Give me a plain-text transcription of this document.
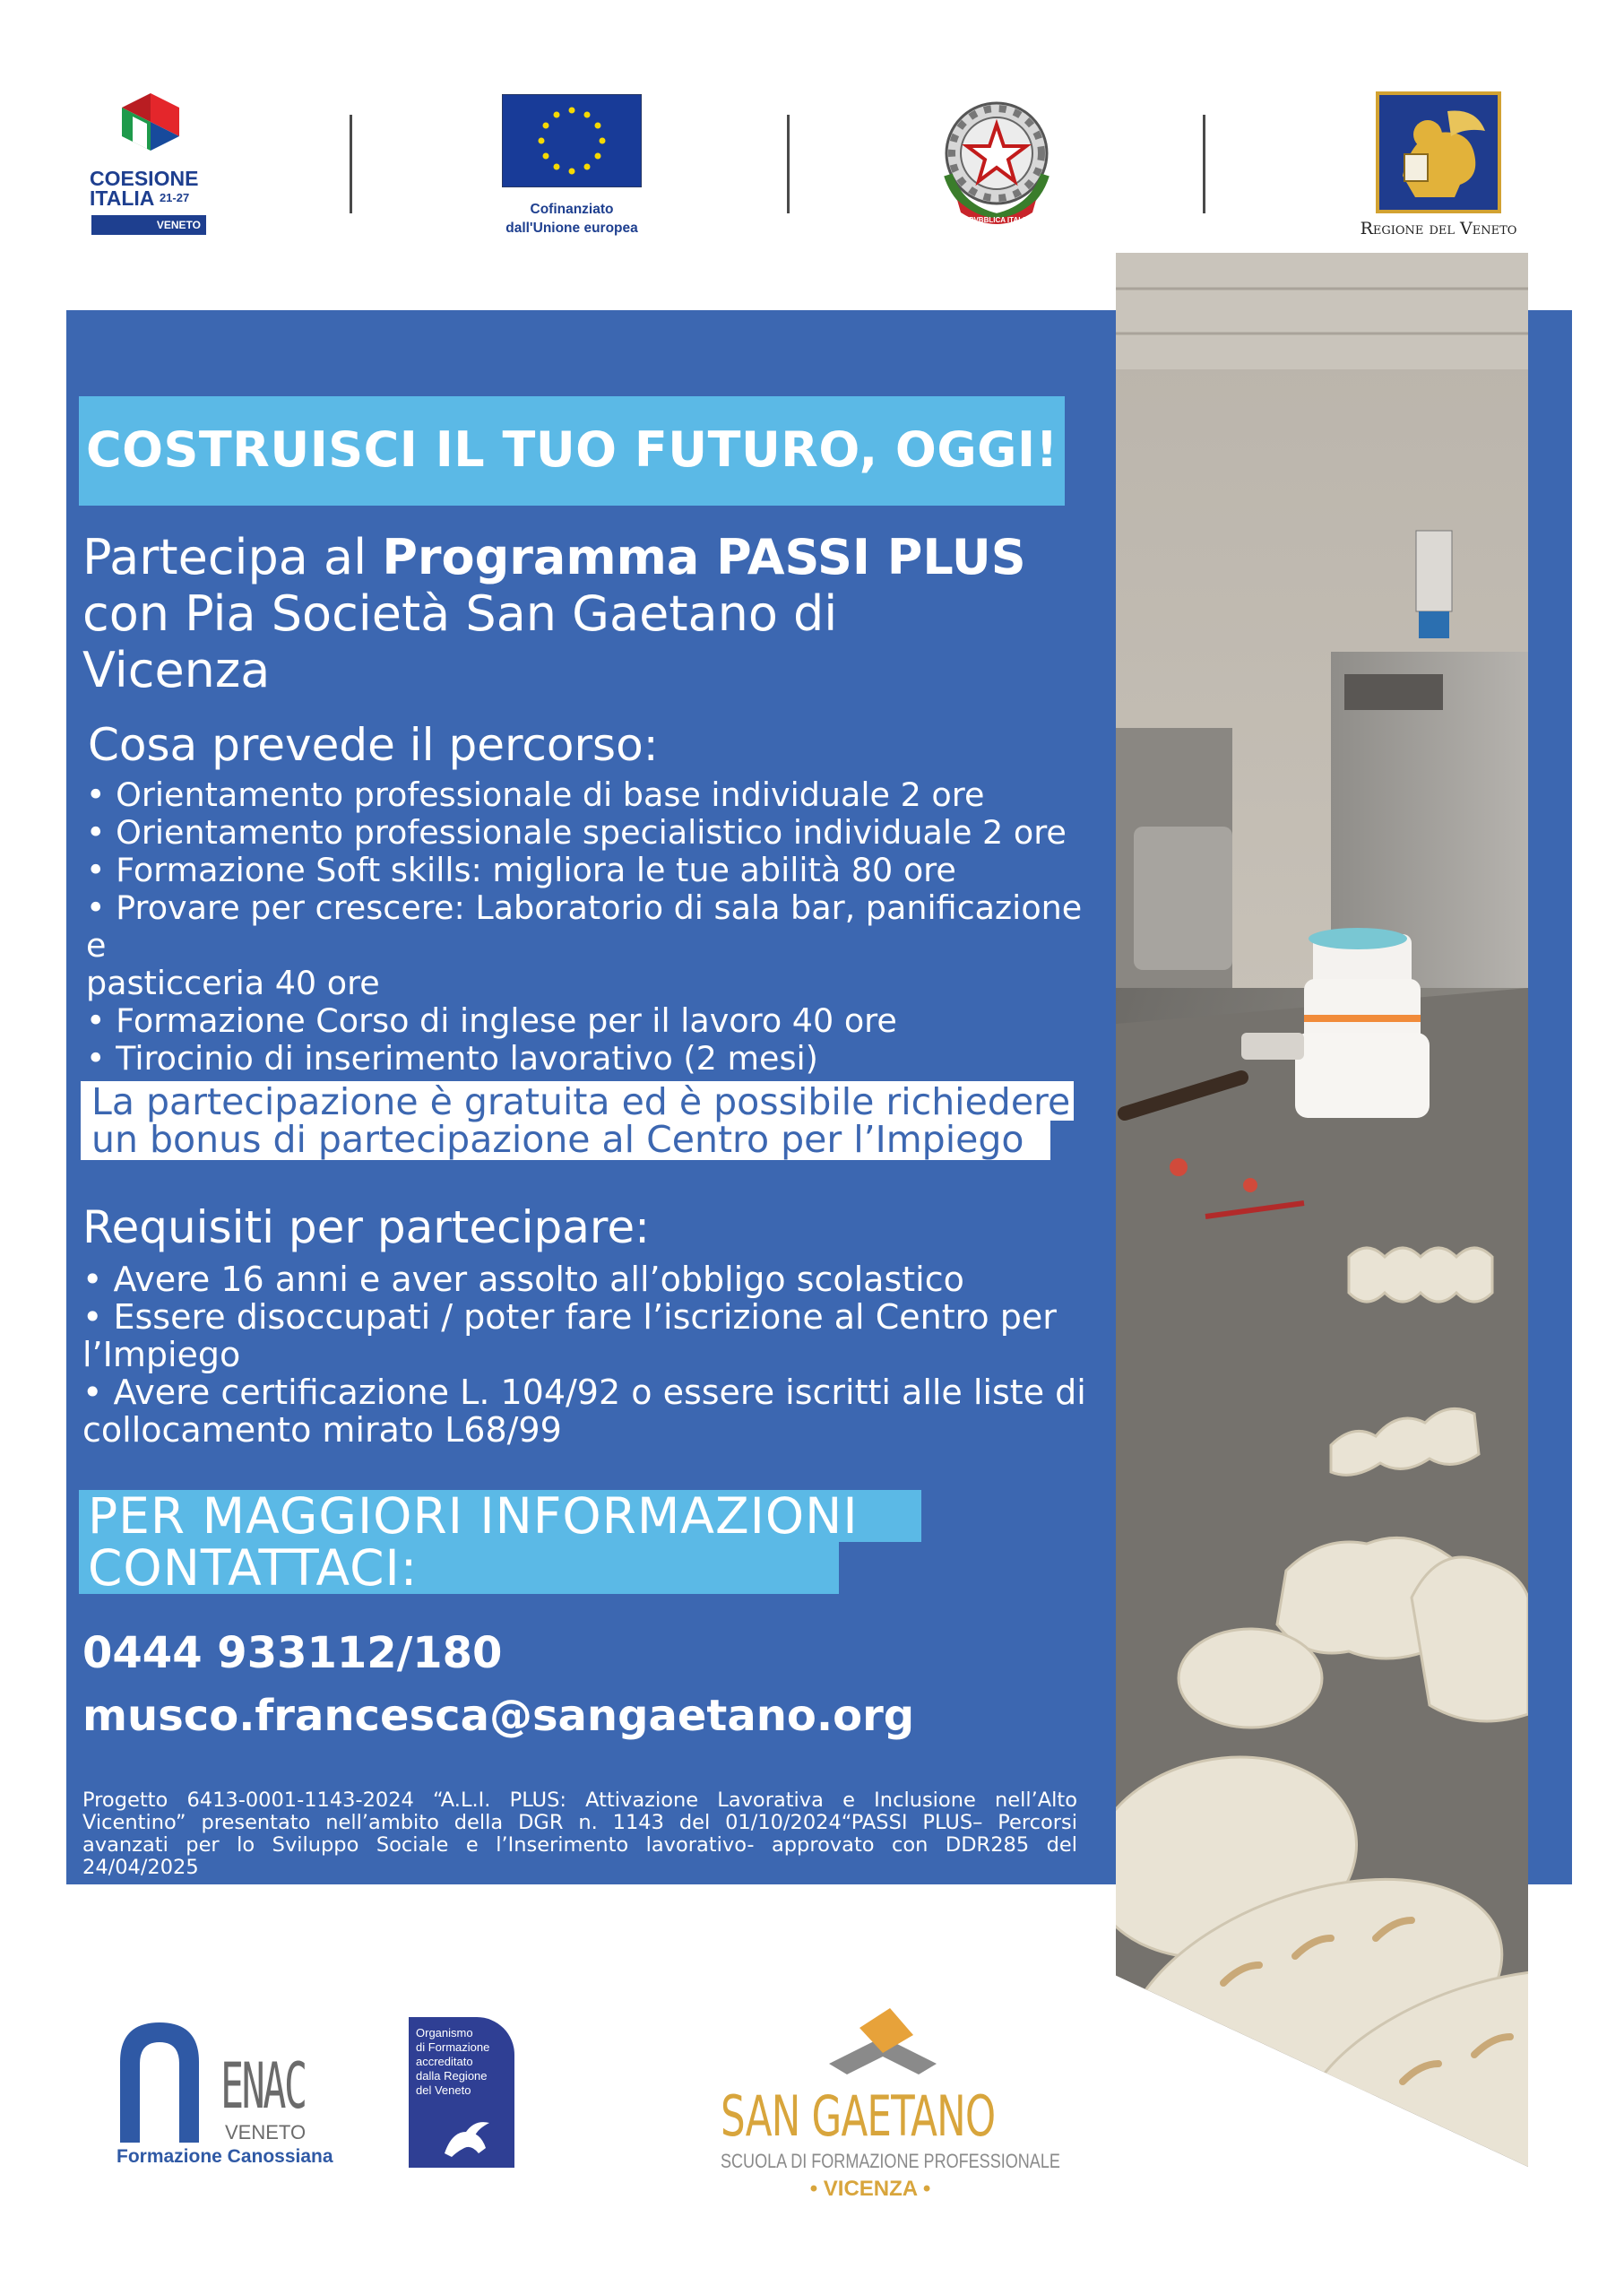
COESIONE
ITALIA $^{21-27}$
VENETO
Cofinanziato
dall'Unione europea
REPVBBLICA ITALIANA	Regione del Veneto
COSTRUISCI IL TUO FUTURO, OGGI!
Partecipa al Programma PASSI PLUS
con Pia Società San Gaetano di
Vicenza
Cosa prevede il percorso:
• Orientamento professionale di base individuale 2 ore
• Orientamento professionale specialistico individuale 2 ore
• Formazione Soft skills: migliora le tue abilità 80 ore
• Provare per crescere: Laboratorio di sala bar, panificazione e
pasticceria 40 ore
• Formazione Corso di inglese per il lavoro 40 ore
• Tirocinio di inserimento lavorativo (2 mesi)
La partecipazione è gratuita ed è possibile richiedere
un bonus di partecipazione al Centro per l’Impiego
Requisiti per partecipare:
• Avere 16 anni e aver assolto all’obbligo scolastico
• Essere disoccupati / poter fare l’iscrizione al Centro per
l’Impiego
• Avere certificazione L. 104/92 o essere iscritti alle liste di
collocamento mirato L68/99
PER MAGGIORI INFORMAZIONI
CONTATTACI:
0444 933112/180
musco.francesca@sangaetano.org
Progetto 6413-0001-1143-2024 “A.L.I. PLUS: Attivazione Lavorativa e Inclusione nell’Alto Vicentino” presentato nell’ambito della DGR n. 1143 del 01/10/2024“PASSI PLUS– Percorsi avanzati per lo Sviluppo Sociale e l’Inserimento lavorativo- approvato con DDR285 del 24/04/2025
ENAC
VENETO
Formazione Canossiana
Organismo
di Formazione
accreditato
dalla Regione
del Veneto	SAN GAETANO
SCUOLA DI FORMAZIONE PROFESSIONALE
• VICENZA •
